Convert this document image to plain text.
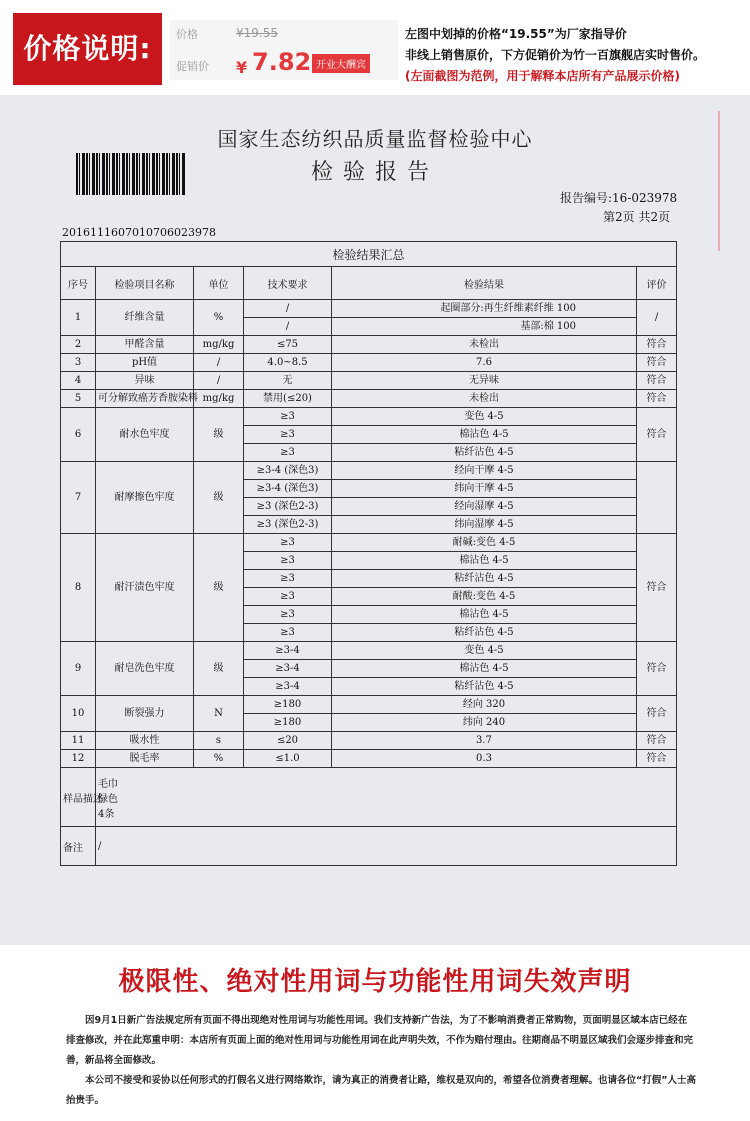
价格说明:	价格	¥19.55
促销价 ¥ 7.82 开业大酬宾
左图中划掉的价格“19.55”为厂家指导价
非线上销售原价，下方促销价为竹一百旗舰店实时售价。
(左面截图为范例，用于解释本店所有产品展示价格)
国家生态纺织品质量监督检验中心
检验报告
报告编号:16-023978
第2页 共2页
20161116070107060239​78
检验结果汇总					
序号	检验项目名称	单位	技术要求	检验结果	评价
1	纤维含量	%	/	起圈部分:再生纤维素纤维 100	/
			/	基部:棉 100	
2	甲醛含量	mg/kg	≤75	未检出	符合
3	pH值	/	4.0~8.5	7.6	符合
4	异味	/	无	无异味	符合
5	可分解致癌芳香胺染料	mg/kg	禁用(≤20)	未检出	符合
6	耐水色牢度	级	≥3	变色 4-5	符合
			≥3	棉沾色 4-5	
			≥3	粘纤沾色 4-5	
7	耐摩擦色牢度	级	≥3-4 (深色3)	经向干摩 4-5	
			≥3-4 (深色3)	纬向干摩 4-5	
			≥3 (深色2-3)	经向湿摩 4-5	
			≥3 (深色2-3)	纬向湿摩 4-5	
8	耐汗渍色牢度	级	≥3	耐碱:变色 4-5	符合
			≥3	棉沾色 4-5	
			≥3	粘纤沾色 4-5	
			≥3	耐酸:变色 4-5	
			≥3	棉沾色 4-5	
			≥3	粘纤沾色 4-5	
9	耐皂洗色牢度	级	≥3-4	变色 4-5	符合
			≥3-4	棉沾色 4-5	
			≥3-4	粘纤沾色 4-5	
10	断裂强力	N	≥180	经向 320	符合
			≥180	纬向 240	
11	吸水性	s	≤20	3.7	符合
12	脱毛率	%	≤1.0	0.3	符合
样品描述	毛巾
绿色
4条				

备注	/				
极限性、绝对性用词与功能性用词失效声明
因9月1日新广告法规定所有页面不得出现绝对性用词与功能性用词。我们支持新广告法，为了不影响消费者正常购物，页面明显区域本店已经在排查修改，并在此郑重申明：本店所有页面上面的绝对性用词与功能性用词在此声明失效，不作为赔付理由。往期商品不明显区域我们会逐步排查和完善，新品将全面修改。
本公司不接受和妥协以任何形式的打假名义进行网络欺诈，请为真正的消费者让路，维权是双向的，希望各位消费者理解。也请各位“打假”人士高抬贵手。
